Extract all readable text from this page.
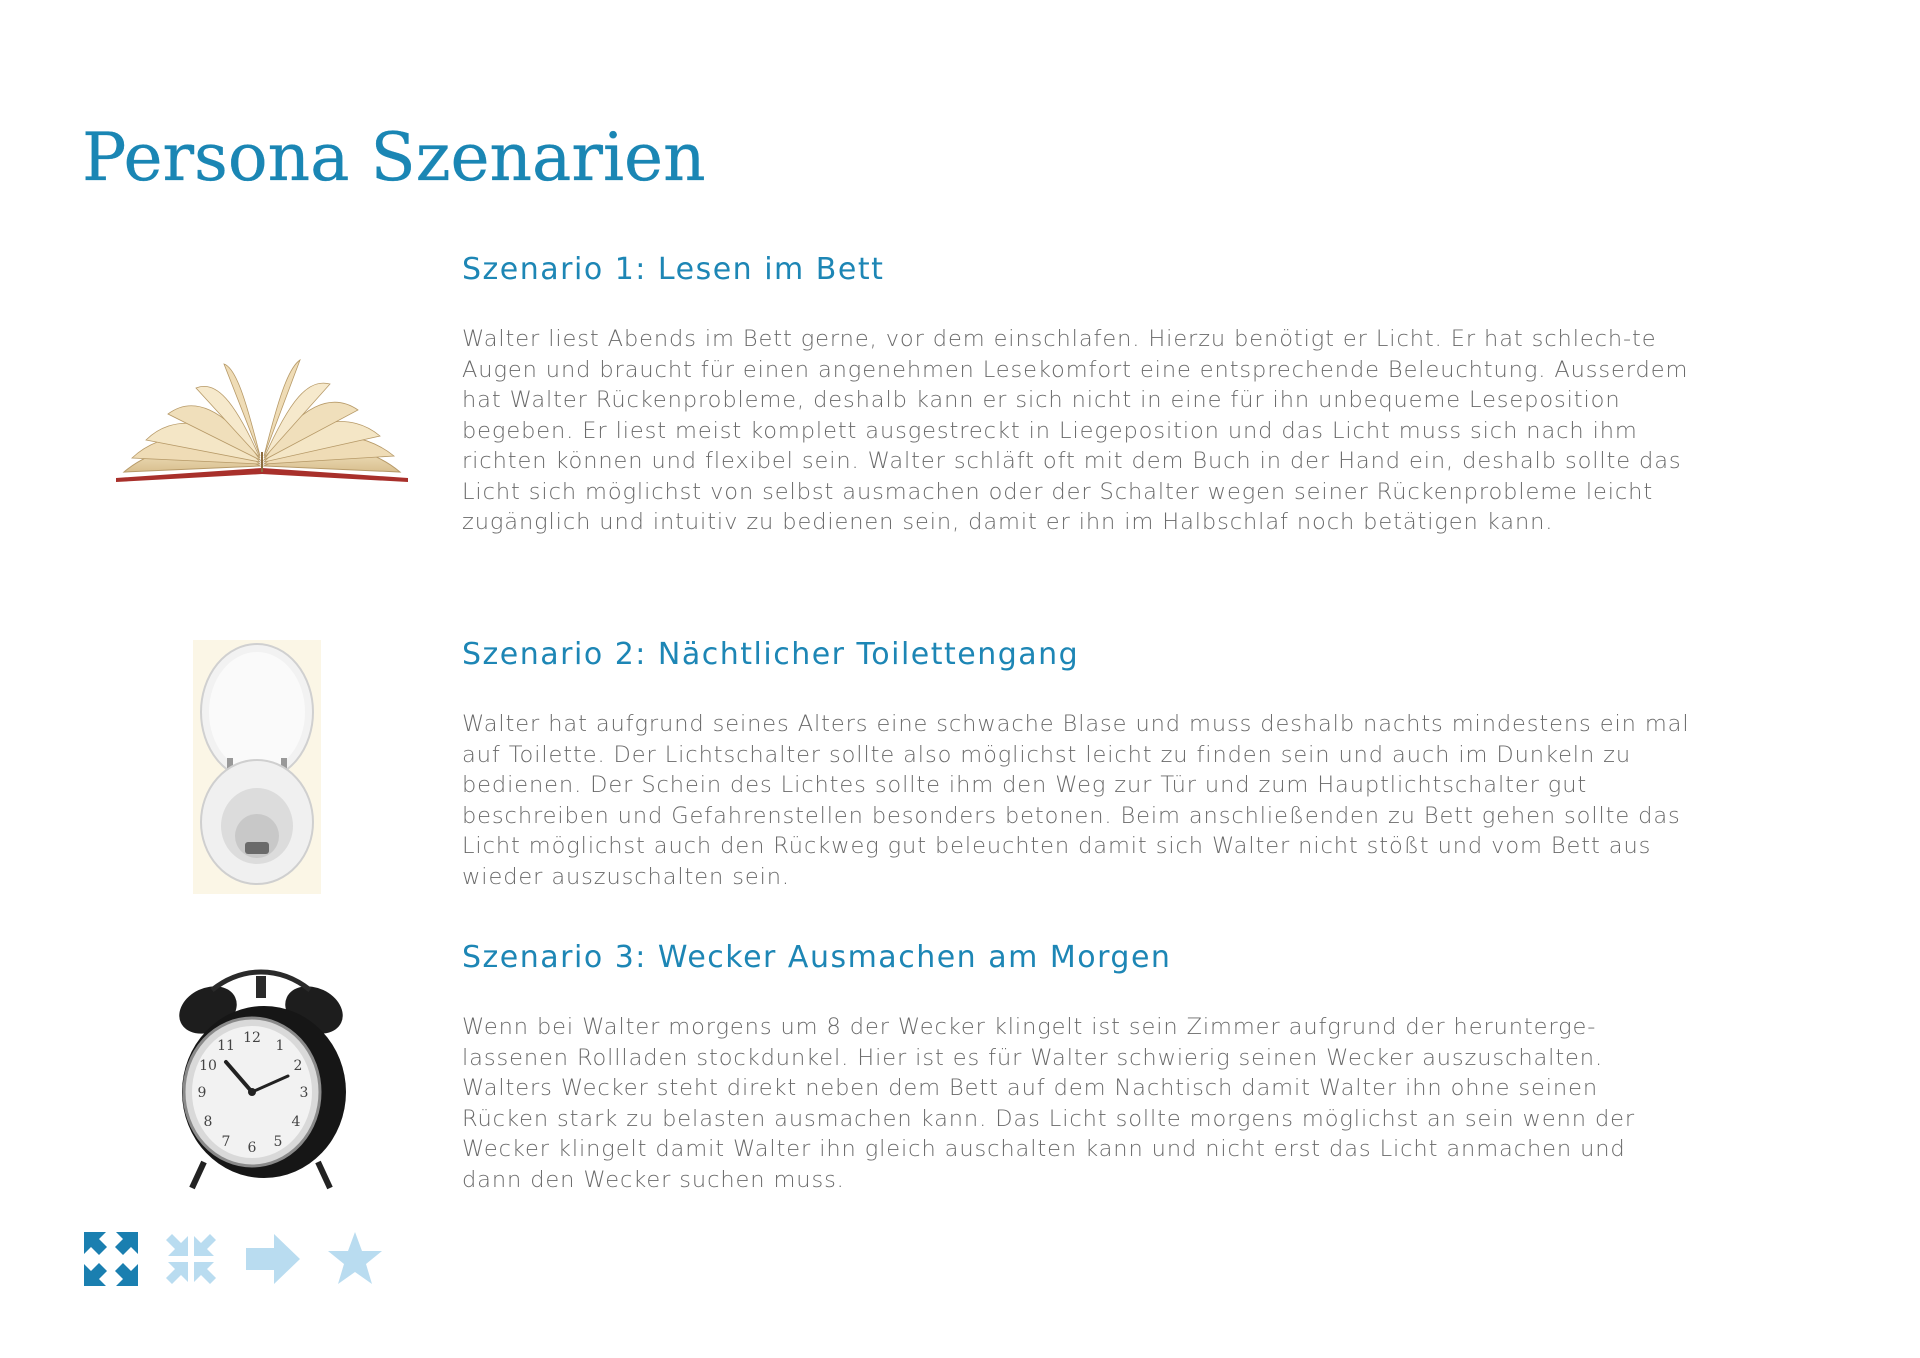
Persona Szenarien
12
3
6
9
1
2
4
5
7
8
10
11
Szenario 1: Lesen im Bett

Walter liest Abends im Bett gerne, vor dem einschlafen. Hierzu benötigt er Licht. Er hat schlech-te Augen und braucht für einen angenehmen Lesekomfort eine entsprechende Beleuchtung. Ausserdem hat Walter Rückenprobleme, deshalb kann er sich nicht in eine für ihn unbequeme Leseposition begeben. Er liest meist komplett ausgestreckt in Liegeposition und das Licht muss sich nach ihm richten können und flexibel sein. Walter schläft oft mit dem Buch in der Hand ein, deshalb sollte das Licht sich möglichst von selbst ausmachen oder der Schalter wegen seiner Rückenprobleme leicht zugänglich und intuitiv zu bedienen sein, damit er ihn im Halbschlaf noch betätigen kann.

Szenario 2: Nächtlicher Toilettengang

Walter hat aufgrund seines Alters eine schwache Blase und muss deshalb nachts mindestens ein mal auf Toilette. Der Lichtschalter sollte also möglichst leicht zu finden sein und auch im Dunkeln zu bedienen. Der Schein des Lichtes sollte ihm den Weg zur Tür und zum Hauptlichtschalter gut beschreiben und Gefahrenstellen besonders betonen. Beim anschließenden zu Bett gehen sollte das Licht möglichst auch den Rückweg gut beleuchten damit sich Walter nicht stößt und vom Bett aus wieder auszuschalten sein.

Szenario 3: Wecker Ausmachen am Morgen

Wenn bei Walter morgens um 8 der Wecker klingelt ist sein Zimmer aufgrund der herunterge-lassenen Rollladen stockdunkel. Hier ist es für Walter schwierig seinen Wecker auszuschalten. Walters Wecker steht direkt neben dem Bett auf dem Nachtisch damit Walter ihn ohne seinen Rücken stark zu belasten ausmachen kann. Das Licht sollte morgens möglichst an sein wenn der Wecker klingelt damit Walter ihn gleich auschalten kann und nicht erst das Licht anmachen und dann den Wecker suchen muss.
